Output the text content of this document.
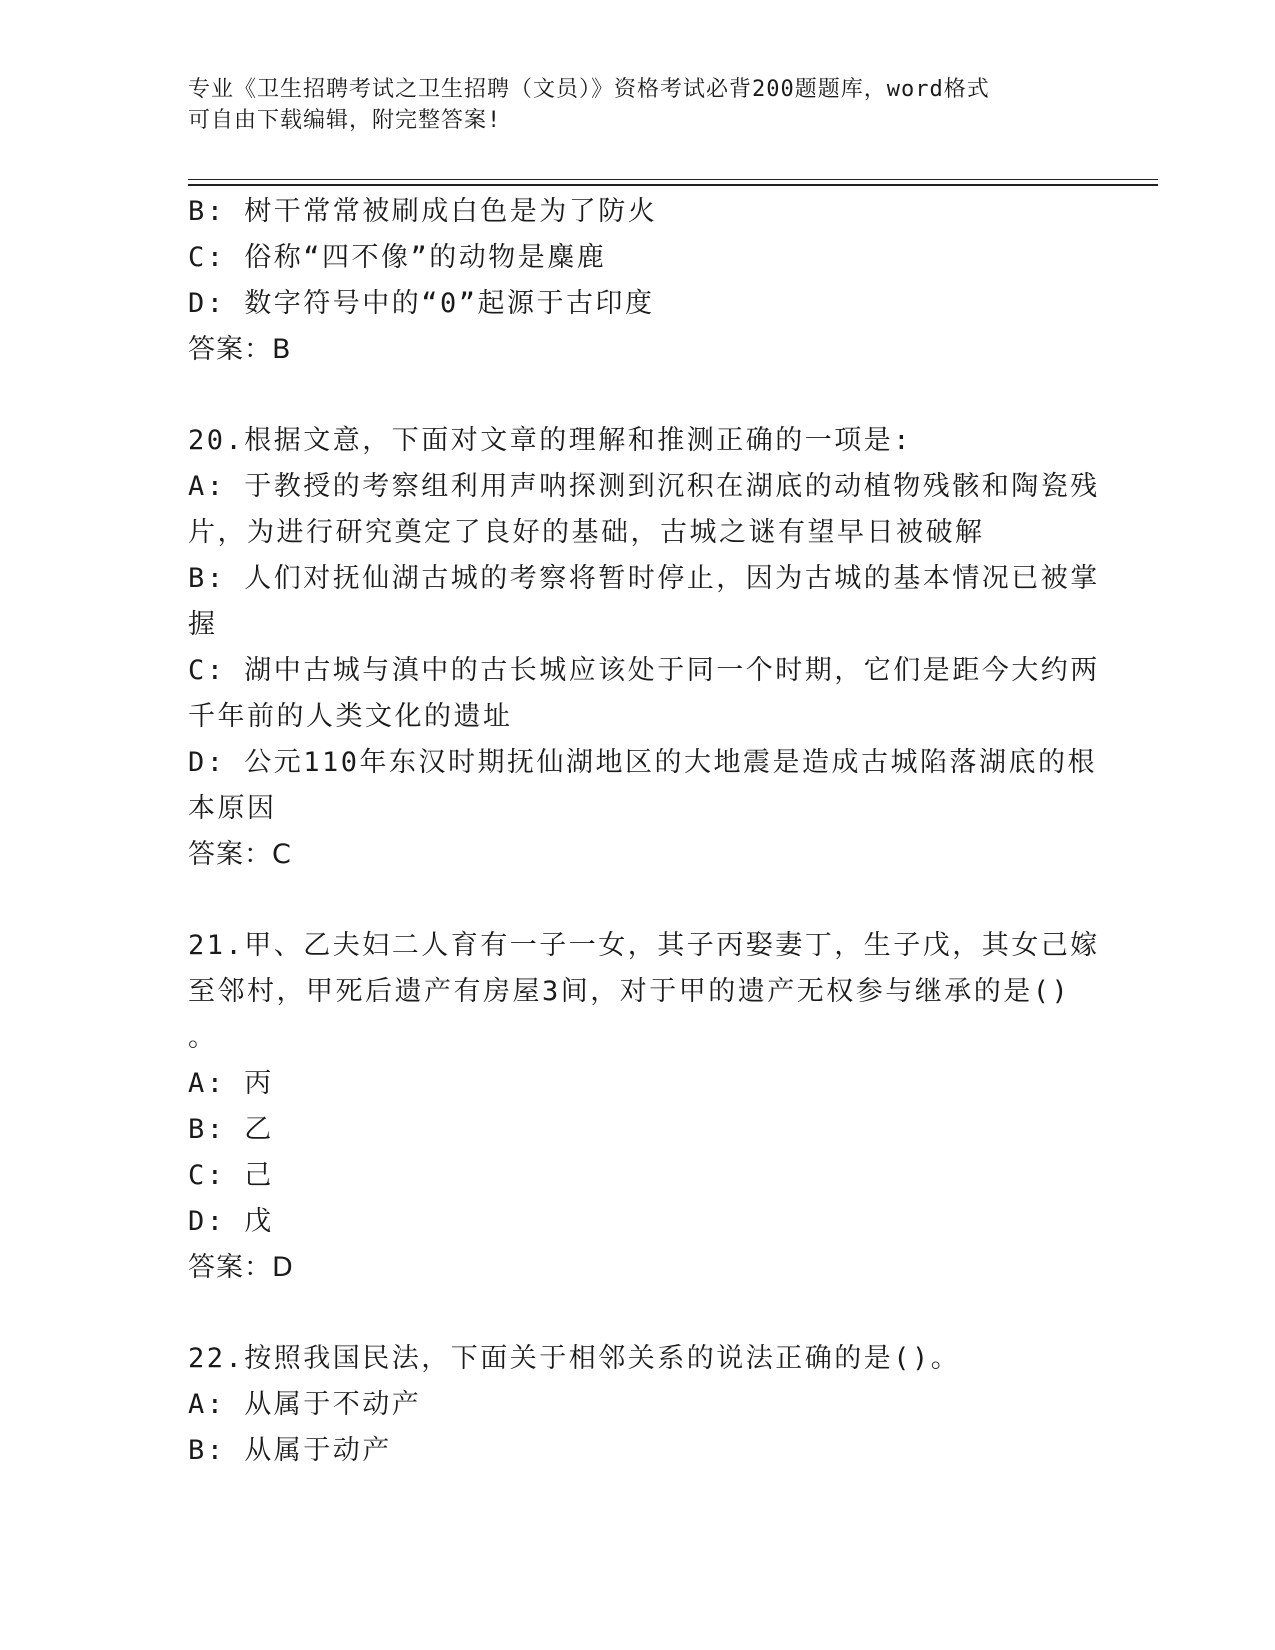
专业《卫生招聘考试之卫生招聘（文员）》资格考试必背200题题库，word格式
可自由下载编辑，附完整答案!
B: 树干常常被刷成白色是为了防火
C: 俗称“四不像”的动物是麋鹿
D: 数字符号中的“0”起源于古印度
答案：B
20.根据文意，下面对文章的理解和推测正确的一项是:
A: 于教授的考察组利用声呐探测到沉积在湖底的动植物残骸和陶瓷残
片，为进行研究奠定了良好的基础，古城之谜有望早日被破解
B: 人们对抚仙湖古城的考察将暂时停止，因为古城的基本情况已被掌
握
C: 湖中古城与滇中的古长城应该处于同一个时期，它们是距今大约两
千年前的人类文化的遗址
D: 公元110年东汉时期抚仙湖地区的大地震是造成古城陷落湖底的根
本原因
答案：C
21.甲、乙夫妇二人育有一子一女，其子丙娶妻丁，生子戊，其女己嫁
至邻村，甲死后遗产有房屋3间，对于甲的遗产无权参与继承的是()
。
A: 丙
B: 乙
C: 己
D: 戊
答案：D
22.按照我国民法，下面关于相邻关系的说法正确的是()。
A: 从属于不动产
B: 从属于动产
